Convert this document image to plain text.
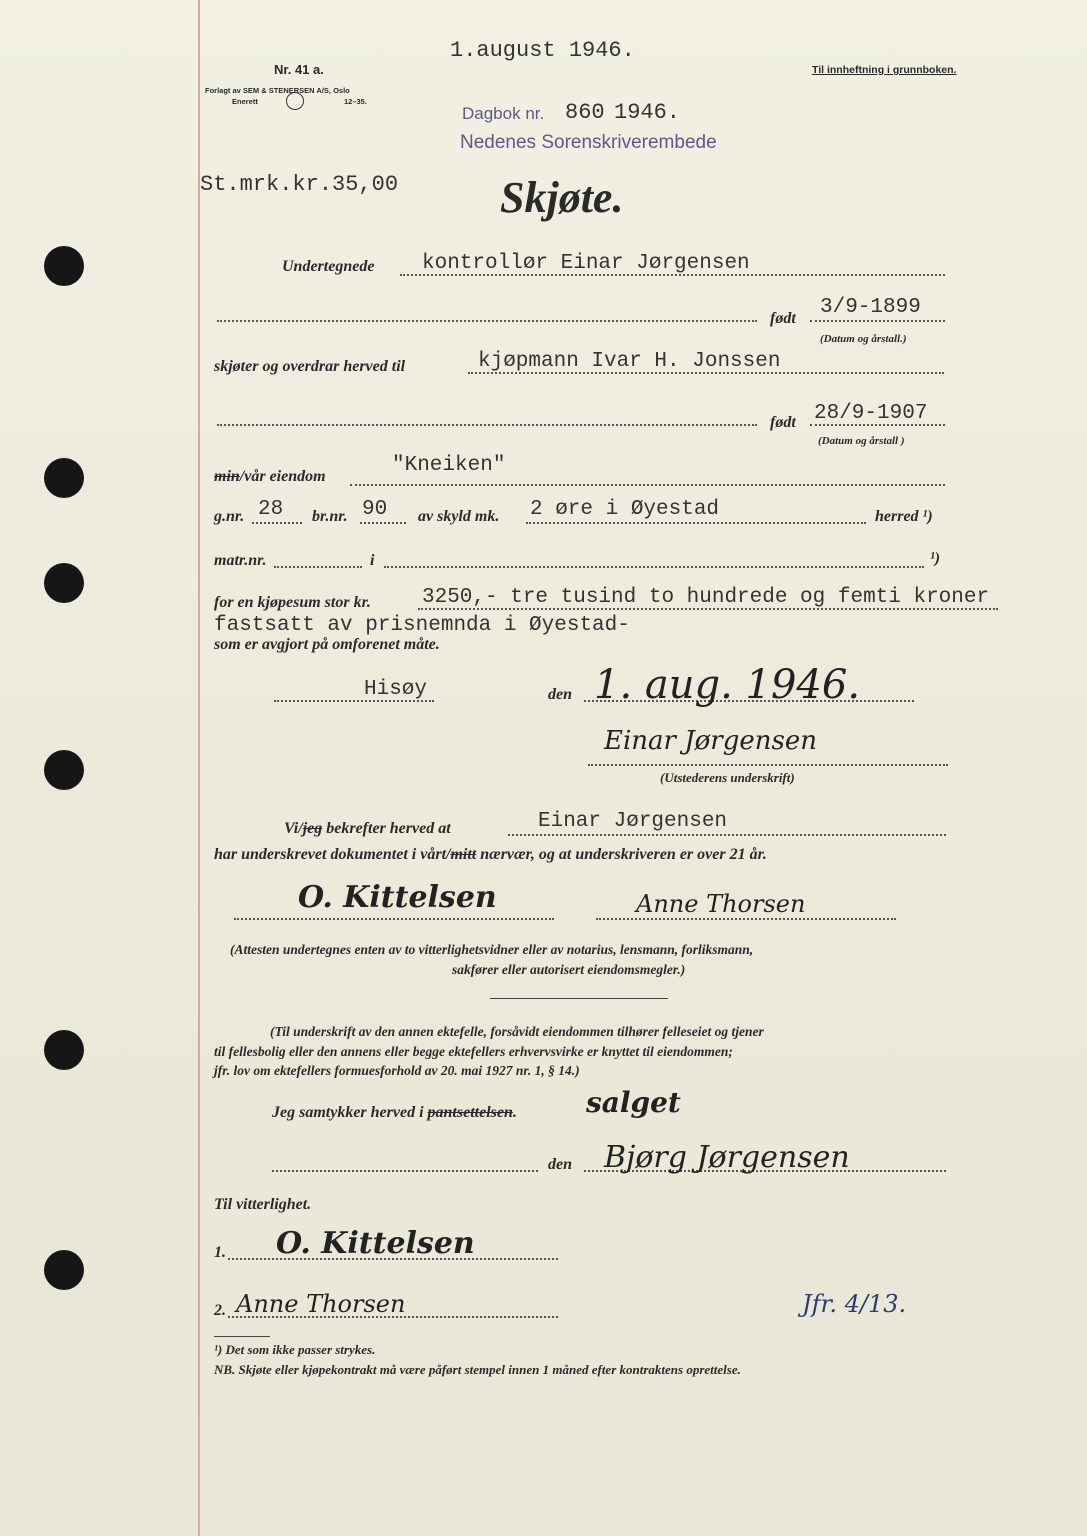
Nr. 41 a.
Forlagt av SEM & STENERSEN A/S, Oslo
Enerett	12–35.
1.august 1946.
Til innheftning i grunnboken.
Dagbok nr. 860 1946.
Nedenes Sorenskriverembede
St.mrk.kr.35,00 Skjøte.
Undertegnede kontrollør Einar Jørgensen
født 3/9-1899
(Datum og årstall.)
skjøter og overdrar herved til	kjøpmann Ivar H. Jonssen
født 28/9-1907
(Datum og årstall )
min/vår eiendom	"Kneiken"
g.nr. 28 br.nr. 90 av skyld mk. 2 øre i Øyestad	herred ¹)
matr.nr.	i	¹)
for en kjøpesum stor kr. 3250,- tre tusind to hundrede og femti kroner
fastsatt av prisnemnda i Øyestad-
som er avgjort på omforenet måte.
Hisøy	den 1. aug. 1946.
Einar Jørgensen
(Utstederens underskrift)
Vi/jeg bekrefter herved at	Einar Jørgensen
har underskrevet dokumentet i vårt/mitt nærvær, og at underskriveren er over 21 år.
O. Kittelsen	Anne Thorsen
(Attesten undertegnes enten av to vitterlighetsvidner eller av notarius, lensmann, forliksmann,
sakfører eller autorisert eiendomsmegler.)
(Til underskrift av den annen ektefelle, forsåvidt eiendommen tilhører felleseiet og tjener
til fellesbolig eller den annens eller begge ektefellers erhvervsvirke er knyttet til eiendommen;
jfr. lov om ektefellers formuesforhold av 20. mai 1927 nr. 1, § 14.)
Jeg samtykker herved i pantsettelsen. salget
den Bjørg Jørgensen
Til vitterlighet.
1. O. Kittelsen
2. Anne Thorsen	Jfr. 4/13.
¹) Det som ikke passer strykes.
NB. Skjøte eller kjøpekontrakt må være påført stempel innen 1 måned efter kontraktens oprettelse.
